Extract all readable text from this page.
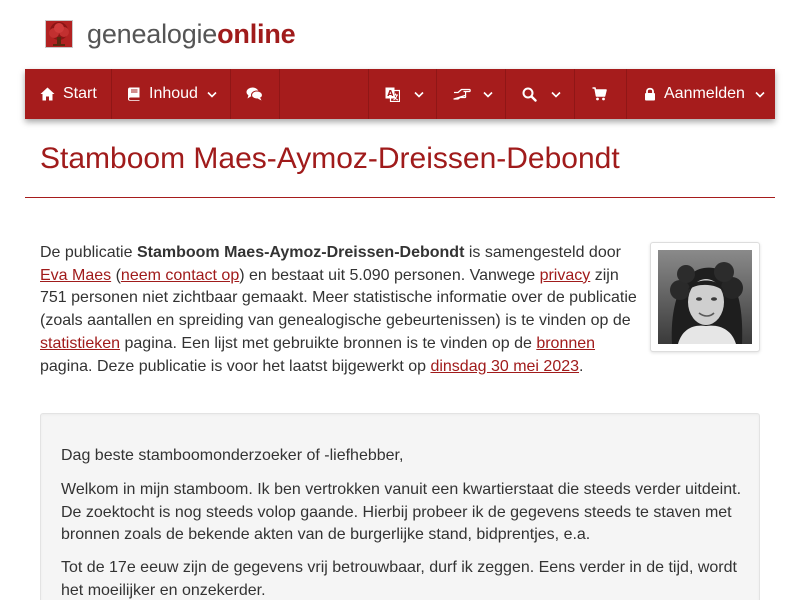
genealogieonline
Start	Inhoud	A	Aanmelden
Stamboom Maes-Aymoz-Dreissen-Debondt

De publicatie Stamboom Maes-Aymoz-Dreissen-Debondt is samengesteld door Eva Maes (neem contact op) en bestaat uit 5.090 personen. Vanwege privacy zijn 751 personen niet zichtbaar gemaakt. Meer statistische informatie over de publicatie (zoals aantallen en spreiding van genealogische gebeurtenissen) is te vinden op de statistieken pagina. Een lijst met gebruikte bronnen is te vinden op de bronnen pagina. Deze publicatie is voor het laatst bijgewerkt op dinsdag 30 mei 2023.

Dag beste stamboomonderzoeker of -liefhebber,

Welkom in mijn stamboom. Ik ben vertrokken vanuit een kwartierstaat die steeds verder uitdeint. De zoektocht is nog steeds volop gaande. Hierbij probeer ik de gegevens steeds te staven met bronnen zoals de bekende akten van de burgerlijke stand, bidprentjes, e.a.

Tot de 17e eeuw zijn de gegevens vrij betrouwbaar, durf ik zeggen. Eens verder in de tijd, wordt het moeilijker en onzekerder.
